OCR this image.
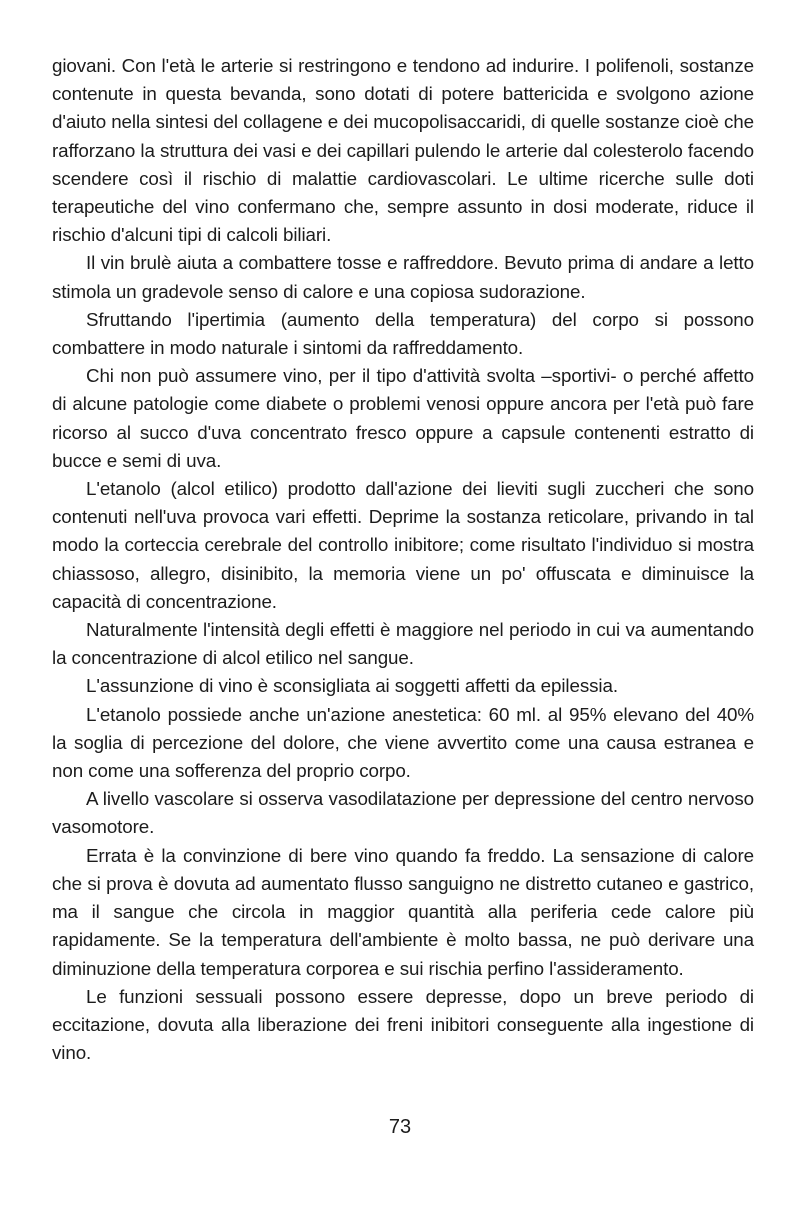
giovani. Con l'età le arterie si restringono e tendono ad indurire. I polifenoli, sostanze contenute in questa bevanda, sono dotati di potere battericida e svolgono azione d'aiuto nella sintesi del collagene e dei mucopolisaccaridi, di quelle sostanze cioè che rafforzano la struttura dei vasi e dei capillari pulendo le arterie dal colesterolo facendo scendere così il rischio di malattie cardiovascolari. Le ultime ricerche sulle doti terapeutiche del vino confermano che, sempre assunto in dosi moderate, riduce il rischio d'alcuni tipi di calcoli biliari.

Il vin brulè aiuta a combattere tosse e raffreddore. Bevuto prima di andare a letto stimola un gradevole senso di calore e una copiosa sudorazione.

Sfruttando l'ipertimia (aumento della temperatura) del corpo si possono combattere in modo naturale i sintomi da raffreddamento.

Chi non può assumere vino, per il tipo d'attività svolta –sportivi- o perché affetto di alcune patologie come diabete o problemi venosi oppure ancora per l'età può fare ricorso al succo d'uva concentrato fresco oppure a capsule contenenti estratto di bucce e semi di uva.

L'etanolo (alcol etilico) prodotto dall'azione dei lieviti sugli zuccheri che sono contenuti nell'uva provoca vari effetti. Deprime la sostanza reticolare, privando in tal modo la corteccia cerebrale del controllo inibitore; come risultato l'individuo si mostra chiassoso, allegro, disinibito, la memoria viene un po' offuscata e diminuisce la capacità di concentrazione.

Naturalmente l'intensità degli effetti è maggiore nel periodo in cui va aumentando la concentrazione di alcol etilico nel sangue.

L'assunzione di vino è sconsigliata ai soggetti affetti da epilessia.

L'etanolo possiede anche un'azione anestetica: 60 ml. al 95% elevano del 40% la soglia di percezione del dolore, che viene avvertito come una causa estranea e non come una sofferenza del proprio corpo.

A livello vascolare si osserva vasodilatazione per depressione del centro nervoso vasomotore.

Errata è la convinzione di bere vino quando fa freddo. La sensazione di calore che si prova è dovuta ad aumentato flusso sanguigno ne distretto cutaneo e gastrico, ma il sangue che circola in maggior quantità alla periferia cede calore più rapidamente. Se la temperatura dell'ambiente è molto bassa, ne può derivare una diminuzione della temperatura corporea e sui rischia perfino l'assideramento.

Le funzioni sessuali possono essere depresse, dopo un breve periodo di eccitazione, dovuta alla liberazione dei freni inibitori conseguente alla ingestione di vino.

73
